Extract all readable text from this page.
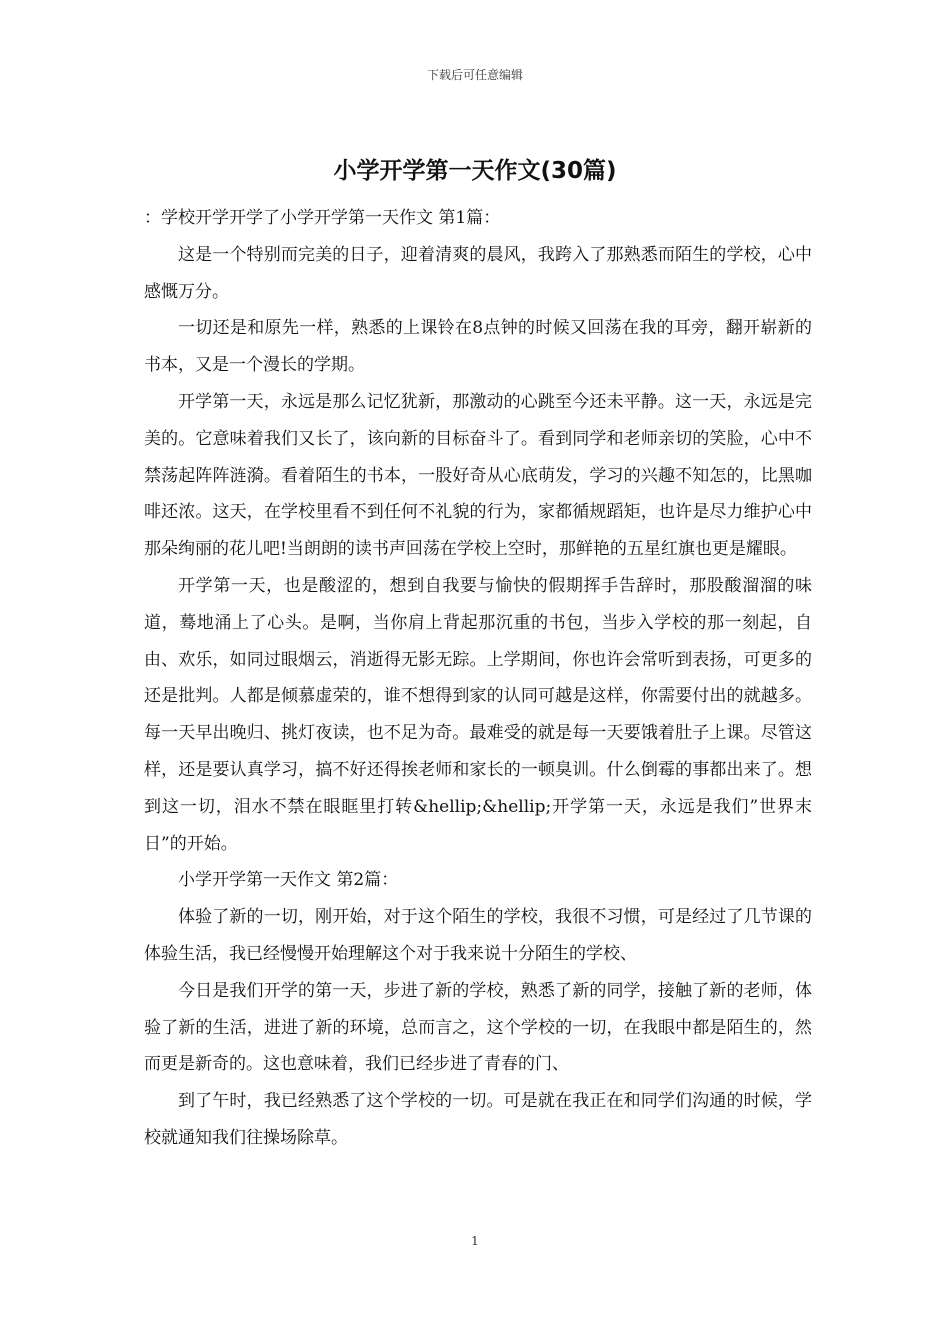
下载后可任意编辑
小学开学第一天作文(30篇)

：学校开学开学了小学开学第一天作文 第1篇：

这是一个特别而完美的日子，迎着清爽的晨风，我跨入了那熟悉而陌生的学校，心中感慨万分。

一切还是和原先一样，熟悉的上课铃在8点钟的时候又回荡在我的耳旁，翻开崭新的书本，又是一个漫长的学期。

开学第一天，永远是那么记忆犹新，那激动的心跳至今还未平静。这一天，永远是完美的。它意味着我们又长了，该向新的目标奋斗了。看到同学和老师亲切的笑脸，心中不禁荡起阵阵涟漪。看着陌生的书本，一股好奇从心底萌发，学习的兴趣不知怎的，比黑咖啡还浓。这天，在学校里看不到任何不礼貌的行为，家都循规蹈矩，也许是尽力维护心中那朵绚丽的花儿吧!当朗朗的读书声回荡在学校上空时，那鲜艳的五星红旗也更是耀眼。

开学第一天，也是酸涩的，想到自我要与愉快的假期挥手告辞时，那股酸溜溜的味道，蓦地涌上了心头。是啊，当你肩上背起那沉重的书包，当步入学校的那一刻起，自由、欢乐，如同过眼烟云，消逝得无影无踪。上学期间，你也许会常听到表扬，可更多的还是批判。人都是倾慕虚荣的，谁不想得到家的认同可越是这样，你需要付出的就越多。每一天早出晚归、挑灯夜读，也不足为奇。最难受的就是每一天要饿着肚子上课。尽管这样，还是要认真学习，搞不好还得挨老师和家长的一顿臭训。什么倒霉的事都出来了。想到这一切，泪水不禁在眼眶里打转&hellip;&hellip;开学第一天，永远是我们”世界末日”的开始。

小学开学第一天作文 第2篇：

体验了新的一切，刚开始，对于这个陌生的学校，我很不习惯，可是经过了几节课的体验生活，我已经慢慢开始理解这个对于我来说十分陌生的学校、

今日是我们开学的第一天，步进了新的学校，熟悉了新的同学，接触了新的老师，体验了新的生活，进进了新的环境，总而言之，这个学校的一切，在我眼中都是陌生的，然而更是新奇的。这也意味着，我们已经步进了青春的门、

到了午时，我已经熟悉了这个学校的一切。可是就在我正在和同学们沟通的时候，学校就通知我们往操场除草。

1
